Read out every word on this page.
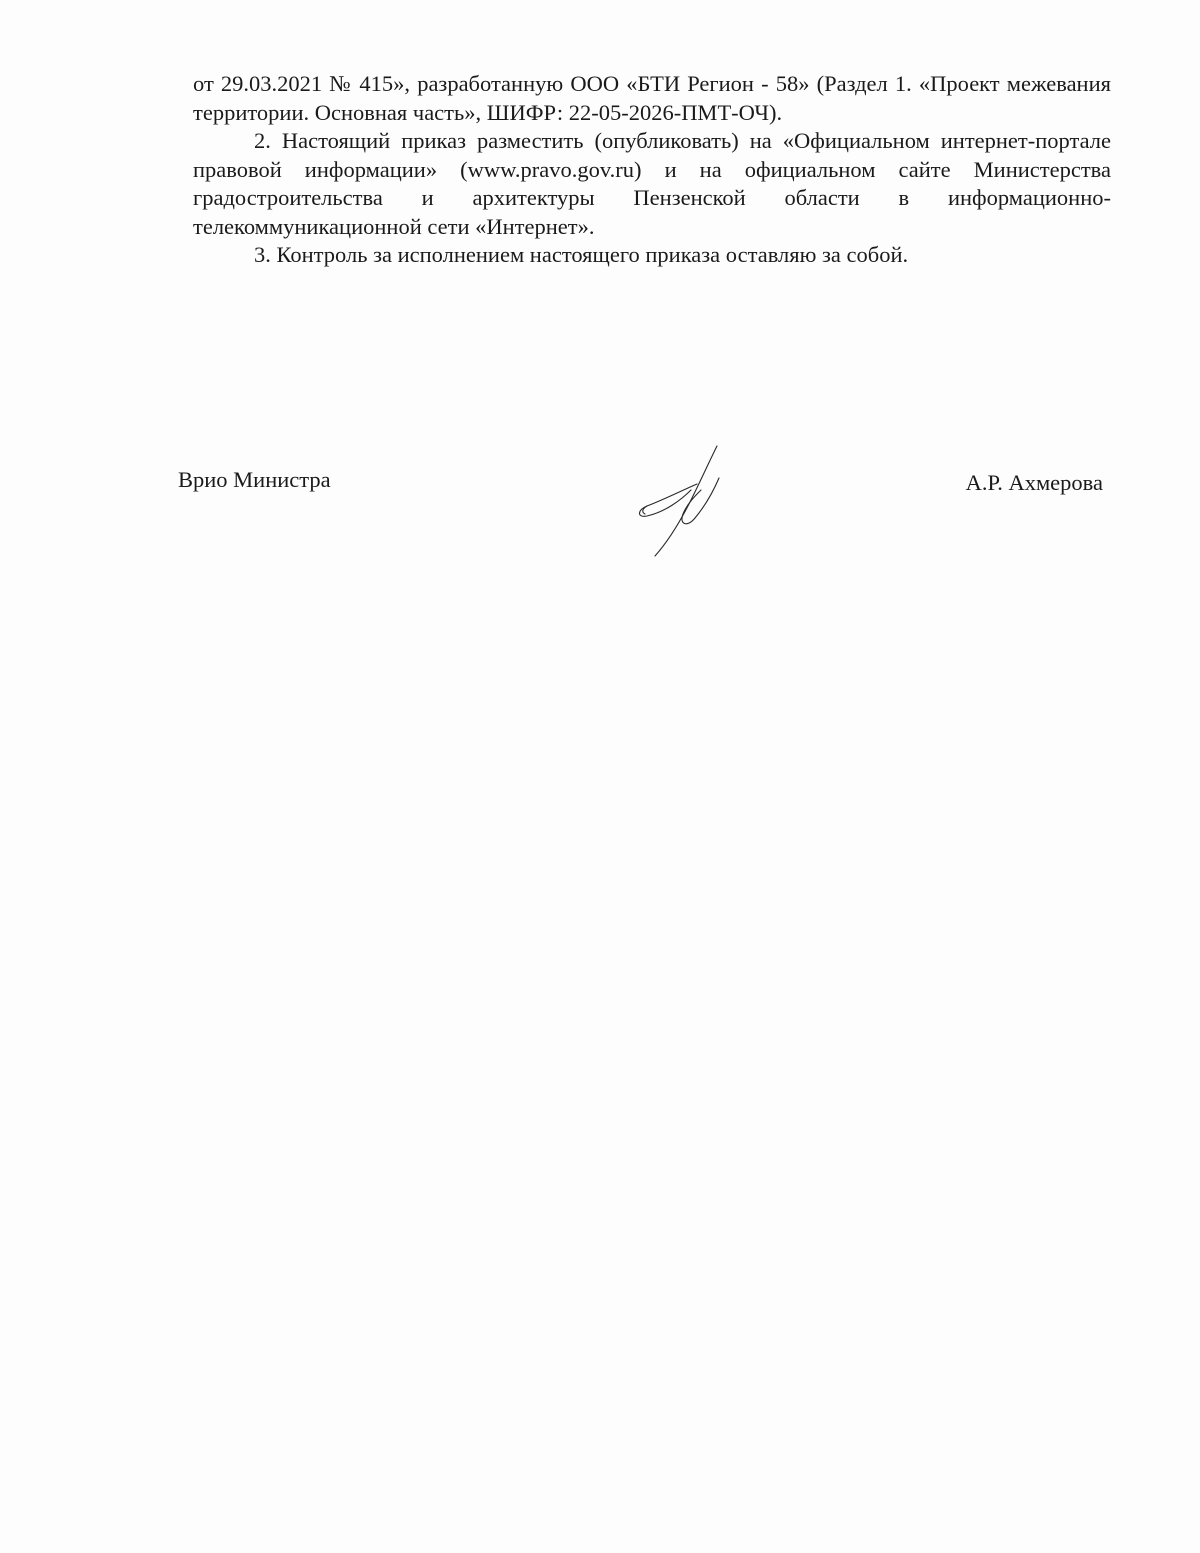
от 29.03.2021 № 415», разработанную ООО «БТИ Регион - 58» (Раздел 1. «Проект межевания территории. Основная часть», ШИФР: 22-05-2026-ПМТ-ОЧ).

2. Настоящий приказ разместить (опубликовать) на «Официальном интернет-портале правовой информации» (www.pravo.gov.ru) и на официальном сайте Министерства градостроительства и архитектуры Пензенской области в информационно-телекоммуникационной сети «Интернет».

3. Контроль за исполнением настоящего приказа оставляю за собой.

Врио Министра	А.Р. Ахмерова
